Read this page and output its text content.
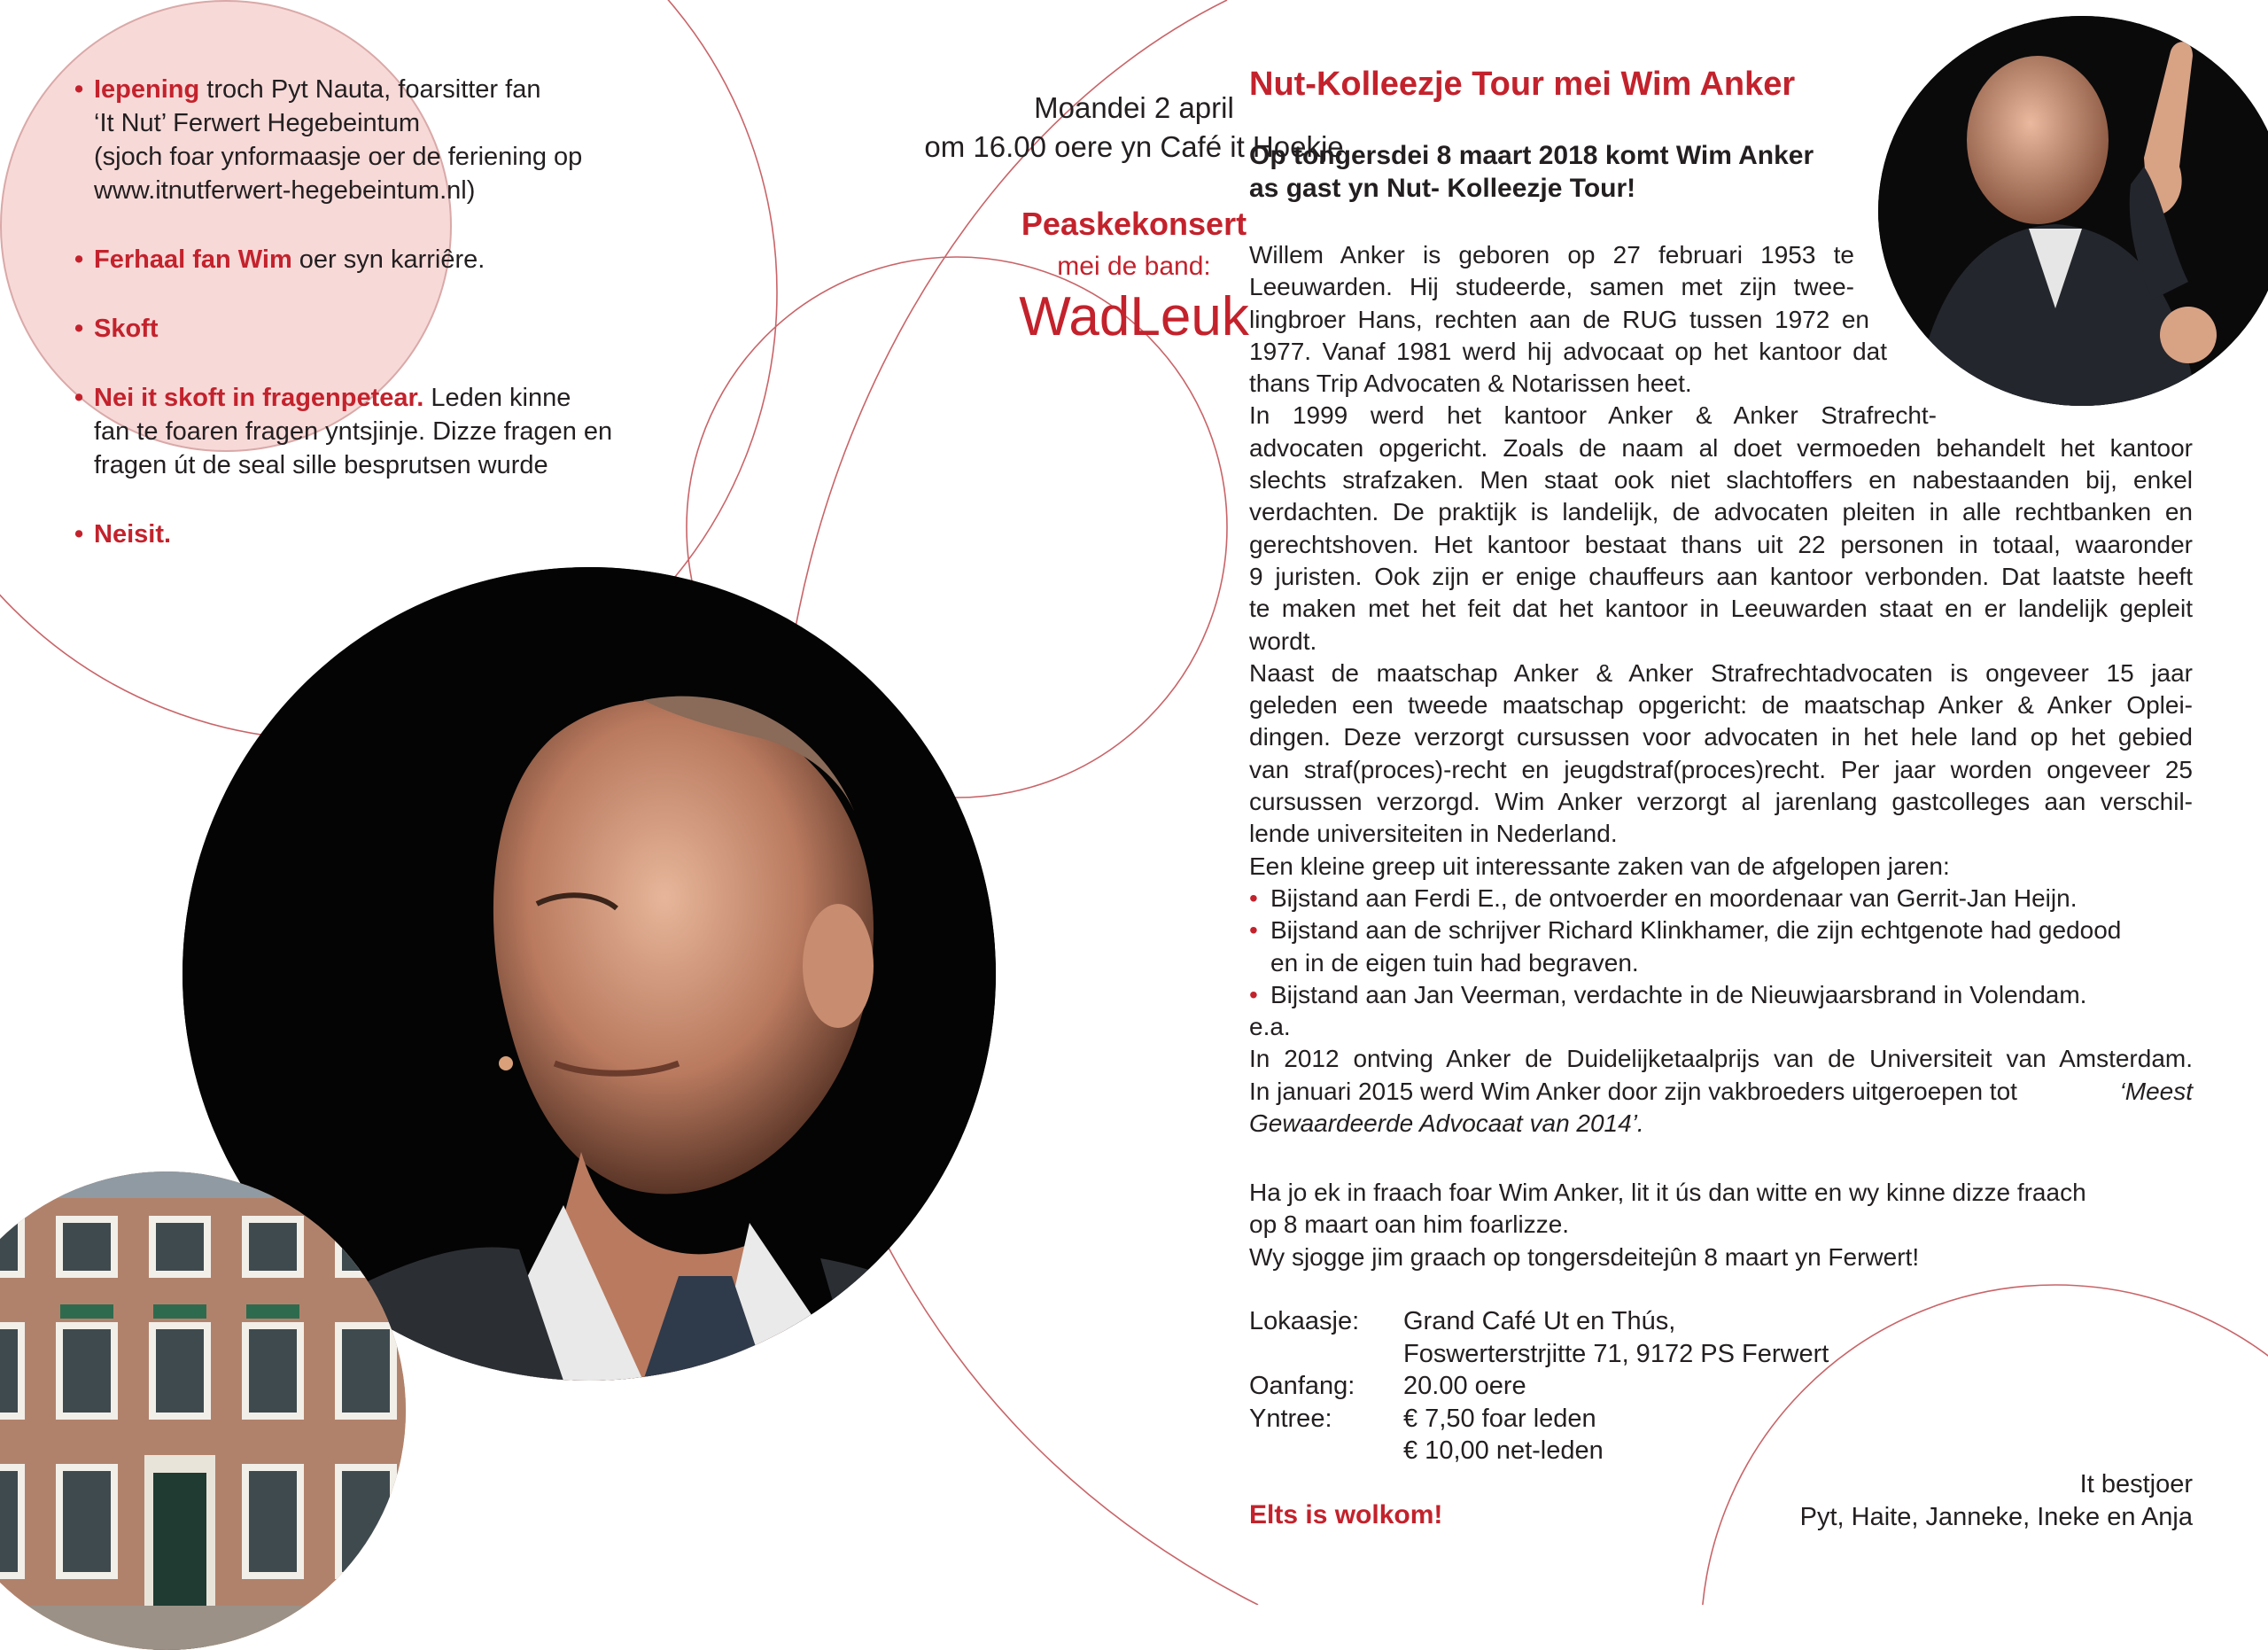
• Iepening troch Pyt Nauta, foarsitter fan
‘It Nut’ Ferwert Hegebeintum
(sjoch foar ynformaasje oer de feriening op
www.itnutferwert-hegebeintum.nl)
• Ferhaal fan Wim oer syn karriêre.
• Skoft
• Nei it skoft in fragenpetear. Leden kinne
fan te foaren fragen yntsjinje. Dizze fragen en
fragen út de seal sille besprutsen wurde
• Neisit.
Moandei 2 april
om 16.00 oere yn Café it Hoekje
Peaskekonsert
mei de band:
WadLeuk
Nut-Kolleezje Tour mei Wim Anker
Op tongersdei 8 maart 2018 komt Wim Anker
as gast yn Nut- Kolleezje Tour!
Willem Anker is geboren op 27 februari 1953 te
Leeuwarden. Hij studeerde, samen met zijn twee-
lingbroer Hans, rechten aan de RUG tussen 1972 en
1977. Vanaf 1981 werd hij advocaat op het kantoor dat
thans Trip Advocaten & Notarissen heet.
In 1999 werd het kantoor Anker & Anker Strafrecht-
advocaten opgericht. Zoals de naam al doet vermoeden behandelt het kantoor
slechts strafzaken. Men staat ook niet slachtoffers en nabestaanden bij, enkel
verdachten. De praktijk is landelijk, de advocaten pleiten in alle rechtbanken en
gerechtshoven. Het kantoor bestaat thans uit 22 personen in totaal, waaronder
9 juristen. Ook zijn er enige chauffeurs aan kantoor verbonden. Dat laatste heeft
te maken met het feit dat het kantoor in Leeuwarden staat en er landelijk gepleit
wordt.
Naast de maatschap Anker & Anker Strafrechtadvocaten is ongeveer 15 jaar
geleden een tweede maatschap opgericht: de maatschap Anker & Anker Oplei-
dingen. Deze verzorgt cursussen voor advocaten in het hele land op het gebied
van straf(proces)-recht en jeugdstraf(proces)recht. Per jaar worden ongeveer 25
cursussen verzorgd. Wim Anker verzorgt al jarenlang gastcolleges aan verschil-
lende universiteiten in Nederland.
Een kleine greep uit interessante zaken van de afgelopen jaren:
• Bijstand aan Ferdi E., de ontvoerder en moordenaar van Gerrit-Jan Heijn.
• Bijstand aan de schrijver Richard Klinkhamer, die zijn echtgenote had gedood
en in de eigen tuin had begraven.
• Bijstand aan Jan Veerman, verdachte in de Nieuwjaarsbrand in Volendam.
e.a.
In 2012 ontving Anker de Duidelijketaalprijs van de Universiteit van Amsterdam.
In januari 2015 werd Wim Anker door zijn vakbroeders uitgeroepen tot	‘Meest
Gewaardeerde Advocaat van 2014’.
Ha jo ek in fraach foar Wim Anker, lit it ús dan witte en wy kinne dizze fraach
op 8 maart oan him foarlizze.
Wy sjogge jim graach op tongersdeitejûn 8 maart yn Ferwert!
Lokaasje: Grand Café Ut en Thús,
Foswerterstrjitte 71, 9172 PS Ferwert
Oanfang: 20.00 oere
Yntree:	€ 7,50 foar leden
€ 10,00 net-leden
Elts is wolkom!
It bestjoer
Pyt, Haite, Janneke, Ineke en Anja
